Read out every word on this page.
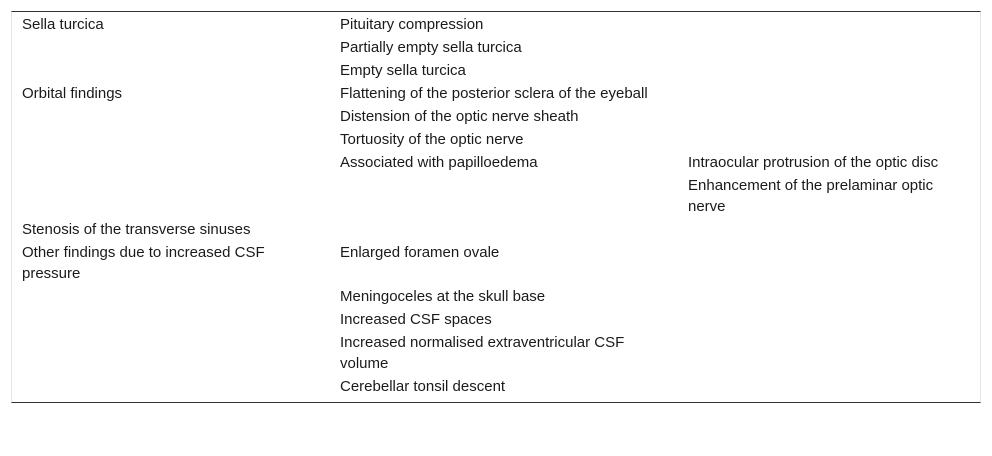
Sella turcica	Pituitary compression	
	Partially empty sella turcica	
	Empty sella turcica	
Orbital findings	Flattening of the posterior sclera of the eyeball	
	Distension of the optic nerve sheath	
	Tortuosity of the optic nerve	
	Associated with papilloedema	Intraocular protrusion of the optic disc
		Enhancement of the prelaminar optic nerve
Stenosis of the transverse sinuses		
Other findings due to increased CSF pressure	Enlarged foramen ovale	
	Meningoceles at the skull base	
	Increased CSF spaces	
	Increased normalised extraventricular CSF volume	
	Cerebellar tonsil descent	
